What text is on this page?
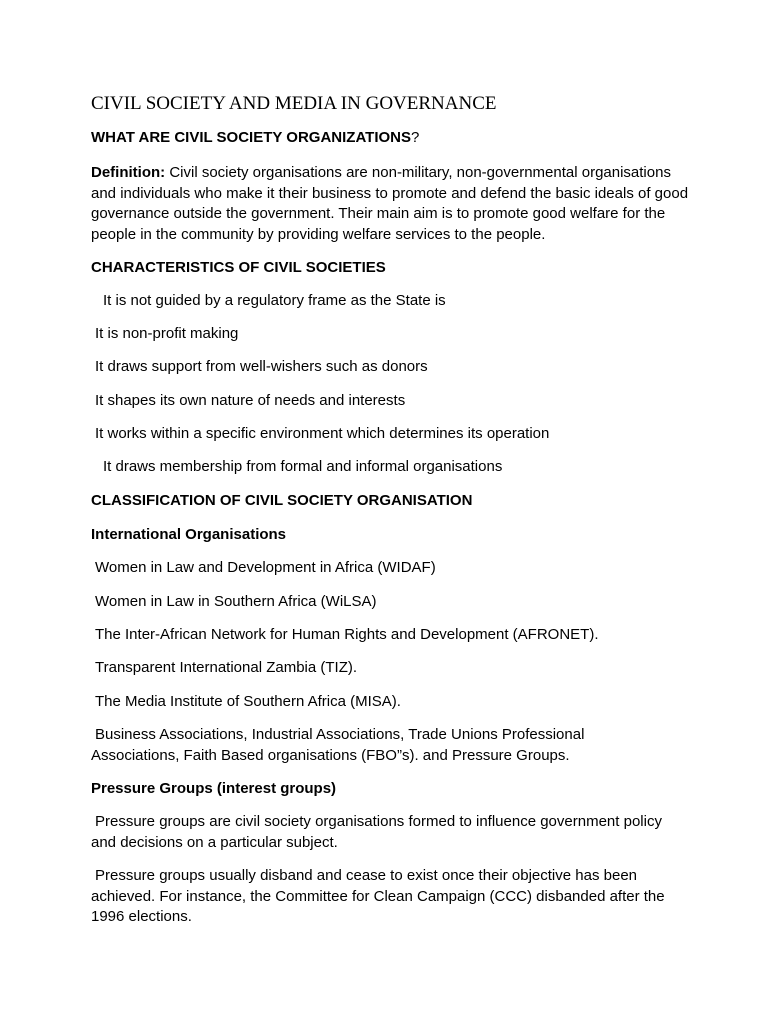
CIVIL SOCIETY AND MEDIA IN GOVERNANCE

WHAT ARE CIVIL SOCIETY ORGANIZATIONS?

Definition: Civil society organisations are non-military, non-governmental organisations and individuals who make it their business to promote and defend the basic ideals of good governance outside the government. Their main aim is to promote good welfare for the people in the community by providing welfare services to the people.

CHARACTERISTICS OF CIVIL SOCIETIES

It is not guided by a regulatory frame as the State is

It is non-profit making

It draws support from well-wishers such as donors

It shapes its own nature of needs and interests

It works within a specific environment which determines its operation

It draws membership from formal and informal organisations

CLASSIFICATION OF CIVIL SOCIETY ORGANISATION

International Organisations

Women in Law and Development in Africa (WIDAF)

Women in Law in Southern Africa (WiLSA)

The Inter-African Network for Human Rights and Development (AFRONET).

Transparent International Zambia (TIZ).

The Media Institute of Southern Africa (MISA).

Business Associations, Industrial Associations, Trade Unions Professional Associations, Faith Based organisations (FBO”s). and Pressure Groups.

Pressure Groups (interest groups)

Pressure groups are civil society organisations formed to influence government policy and decisions on a particular subject.

Pressure groups usually disband and cease to exist once their objective has been achieved. For instance, the Committee for Clean Campaign (CCC) disbanded after the 1996 elections.
